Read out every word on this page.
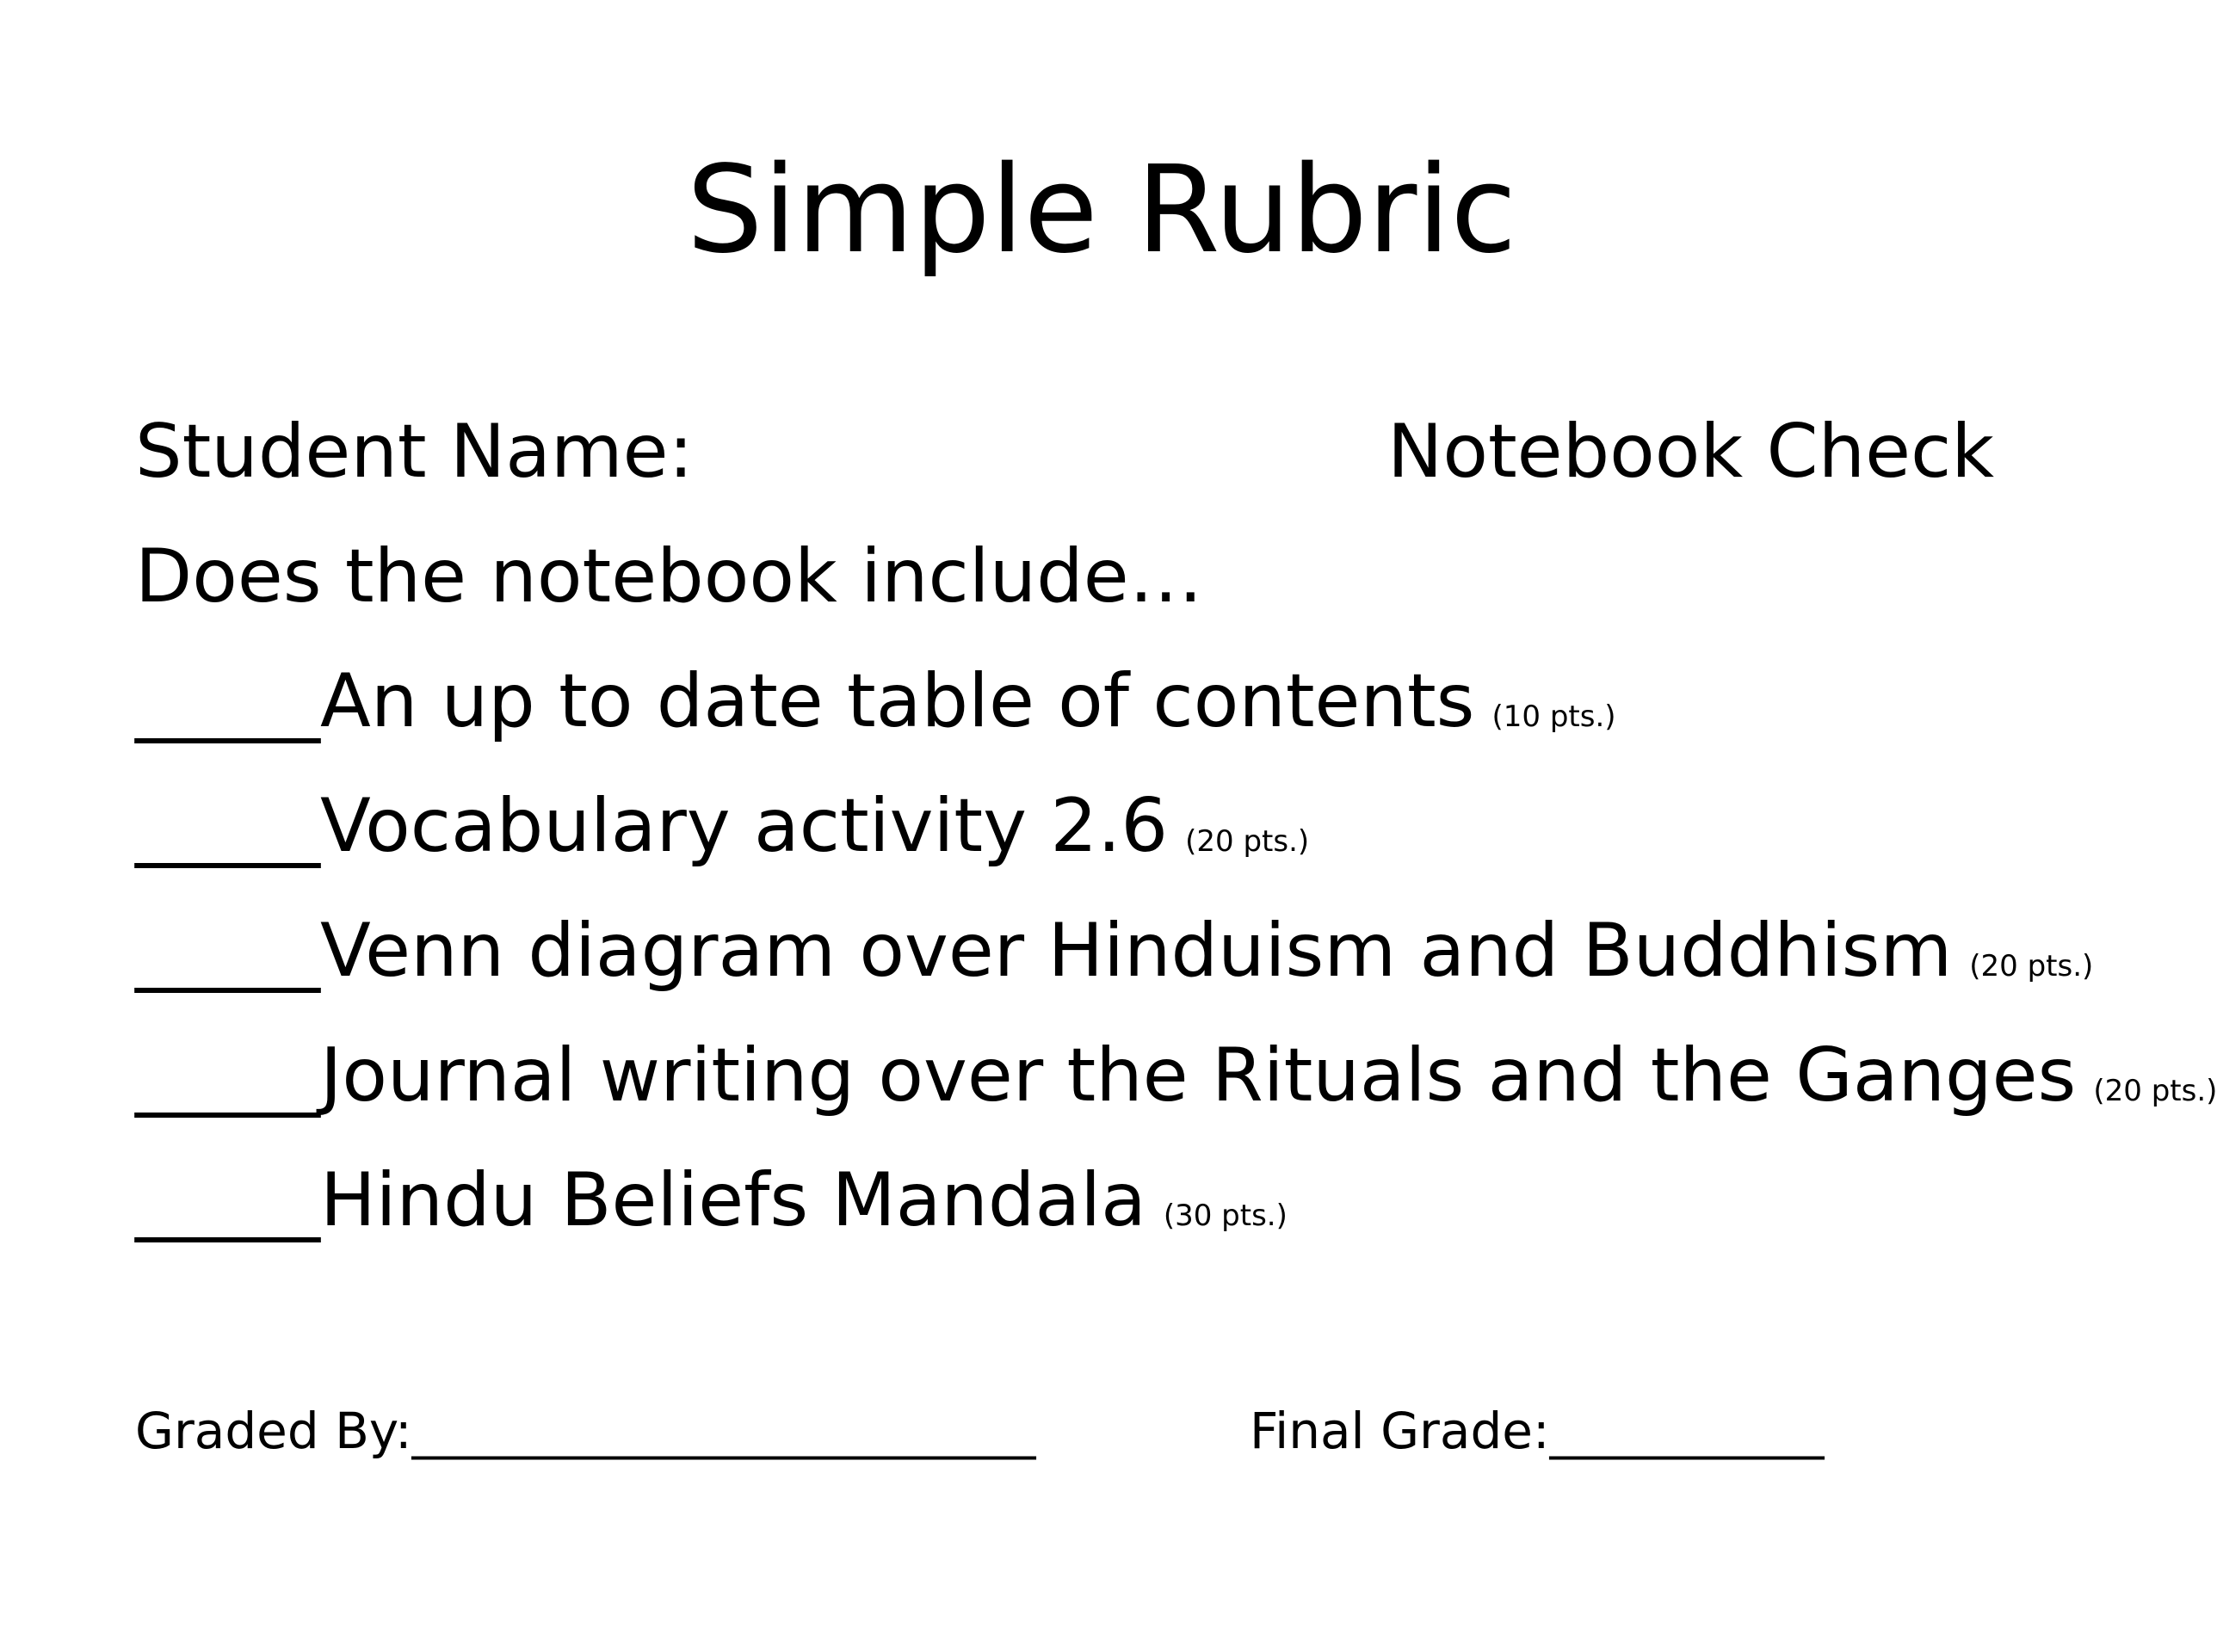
Simple Rubric
Student Name:	Notebook Check
Does the notebook include…
_____An up to date table of contents (10 pts.)
_____Vocabulary activity 2.6 (20 pts.)
_____Venn diagram over Hinduism and Buddhism (20 pts.)
_____Journal writing over the Rituals and the Ganges (20 pts.)
_____Hindu Beliefs Mandala (30 pts.)
Graded By:_________________________	Final Grade:___________
